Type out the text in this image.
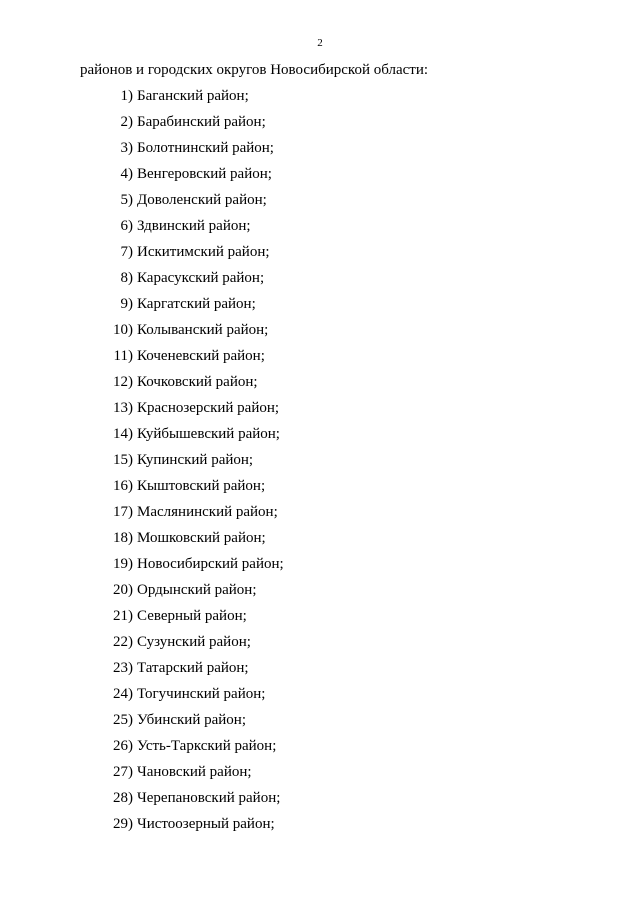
2
районов и городских округов Новосибирской области:
1) Баганский район;
2) Барабинский район;
3) Болотнинский район;
4) Венгеровский район;
5) Доволенский район;
6) Здвинский район;
7) Искитимский район;
8) Карасукский район;
9) Каргатский район;
10) Колыванский район;
11) Коченевский район;
12) Кочковский район;
13) Краснозерский район;
14) Куйбышевский район;
15) Купинский район;
16) Кыштовский район;
17) Маслянинский район;
18) Мошковский район;
19) Новосибирский район;
20) Ордынский район;
21) Северный район;
22) Сузунский район;
23) Татарский район;
24) Тогучинский район;
25) Убинский район;
26) Усть-Таркский район;
27) Чановский район;
28) Черепановский район;
29) Чистоозерный район;
